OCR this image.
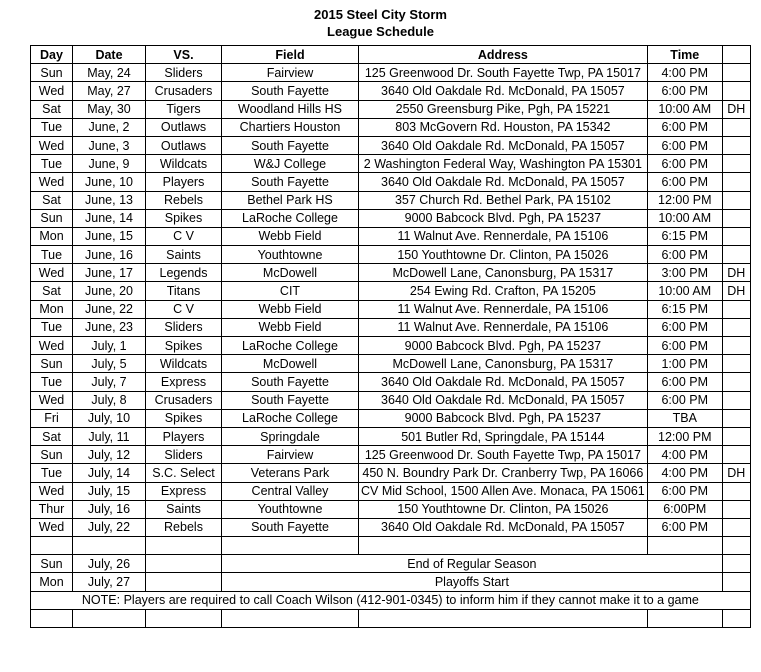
2015 Steel City Storm
League Schedule
Day	Date	VS.	Field	Address	Time	
Sun	May, 24	Sliders	Fairview	125 Greenwood Dr. South Fayette Twp, PA 15017	4:00 PM	
Wed	May, 27	Crusaders	South Fayette	3640 Old Oakdale Rd. McDonald, PA 15057	6:00 PM	
Sat	May, 30	Tigers	Woodland Hills HS	2550 Greensburg Pike, Pgh, PA 15221	10:00 AM	DH
Tue	June, 2	Outlaws	Chartiers Houston	803 McGovern Rd. Houston, PA 15342	6:00 PM	
Wed	June, 3	Outlaws	South Fayette	3640 Old Oakdale Rd. McDonald, PA 15057	6:00 PM	
Tue	June, 9	Wildcats	W&J College	2 Washington Federal Way, Washington PA 15301	6:00 PM	
Wed	June, 10	Players	South Fayette	3640 Old Oakdale Rd. McDonald, PA 15057	6:00 PM	
Sat	June, 13	Rebels	Bethel Park HS	357 Church Rd. Bethel Park, PA 15102	12:00 PM	
Sun	June, 14	Spikes	LaRoche College	9000 Babcock Blvd. Pgh, PA 15237	10:00 AM	
Mon	June, 15	C V	Webb Field	11 Walnut Ave. Rennerdale, PA 15106	6:15 PM	
Tue	June, 16	Saints	Youthtowne	150 Youthtowne Dr. Clinton, PA 15026	6:00 PM	
Wed	June, 17	Legends	McDowell	McDowell Lane, Canonsburg, PA 15317	3:00 PM	DH
Sat	June, 20	Titans	CIT	254 Ewing Rd. Crafton, PA 15205	10:00 AM	DH
Mon	June, 22	C V	Webb Field	11 Walnut Ave. Rennerdale, PA 15106	6:15 PM	
Tue	June, 23	Sliders	Webb Field	11 Walnut Ave. Rennerdale, PA 15106	6:00 PM	
Wed	July, 1	Spikes	LaRoche College	9000 Babcock Blvd. Pgh, PA 15237	6:00 PM	
Sun	July, 5	Wildcats	McDowell	McDowell Lane, Canonsburg, PA 15317	1:00 PM	
Tue	July, 7	Express	South Fayette	3640 Old Oakdale Rd. McDonald, PA 15057	6:00 PM	
Wed	July, 8	Crusaders	South Fayette	3640 Old Oakdale Rd. McDonald, PA 15057	6:00 PM	
Fri	July, 10	Spikes	LaRoche College	9000 Babcock Blvd. Pgh, PA 15237	TBA	
Sat	July, 11	Players	Springdale	501 Butler Rd, Springdale, PA 15144	12:00 PM	
Sun	July, 12	Sliders	Fairview	125 Greenwood Dr. South Fayette Twp, PA 15017	4:00 PM	
Tue	July, 14	S.C. Select	Veterans Park	450 N. Boundry Park Dr. Cranberry Twp, PA 16066	4:00 PM	DH
Wed	July, 15	Express	Central Valley	CV Mid School, 1500 Allen Ave. Monaca, PA 15061	6:00 PM	
Thur	July, 16	Saints	Youthtowne	150 Youthtowne Dr. Clinton, PA 15026	6:00PM	
Wed	July, 22	Rebels	South Fayette	3640 Old Oakdale Rd. McDonald, PA 15057	6:00 PM	

Sun	July, 26		End of Regular Season			
Mon	July, 27		Playoffs Start			
NOTE: Players are required to call Coach Wilson (412-901-0345) to inform him if they cannot make it to a game						
